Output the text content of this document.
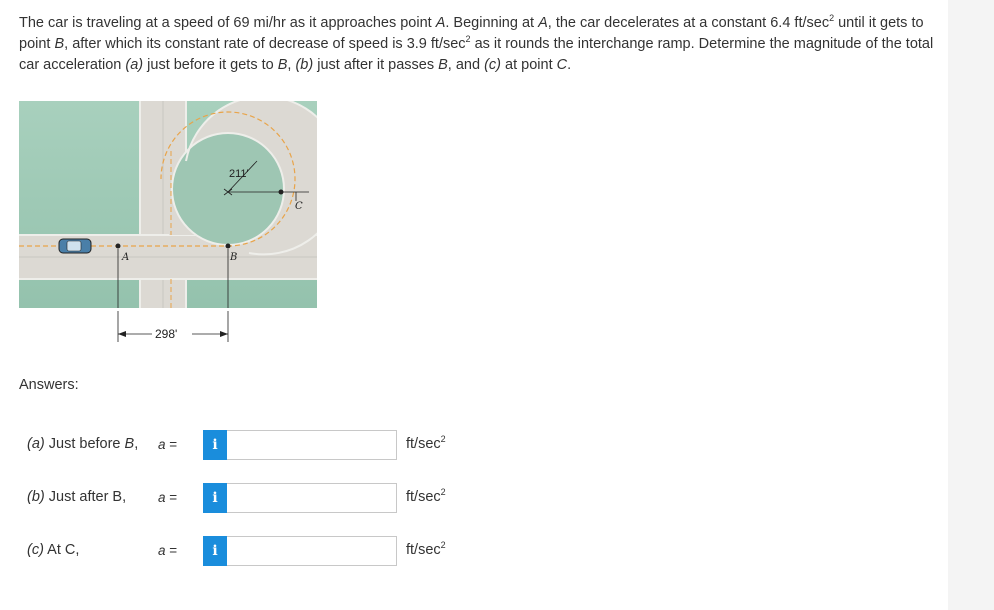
The car is traveling at a speed of 69 mi/hr as it approaches point A. Beginning at A, the car decelerates at a constant 6.4 $ft/\sec^2$ until it gets to point B, after which its constant rate of decrease of speed is 3.9 $ft/\sec^2$ as it rounds the interchange ramp. Determine the magnitude of the total car acceleration (a) just before it gets to B, (b) just after it passes B, and (c) at point C.
A	B
C
211'
298'
Answers:
(a) Just before B, a =	i	$ft/\sec^2$
(b) Just after B, a =	i	$ft/\sec^2$
(c) At C,	a =	i	$ft/\sec^2$
